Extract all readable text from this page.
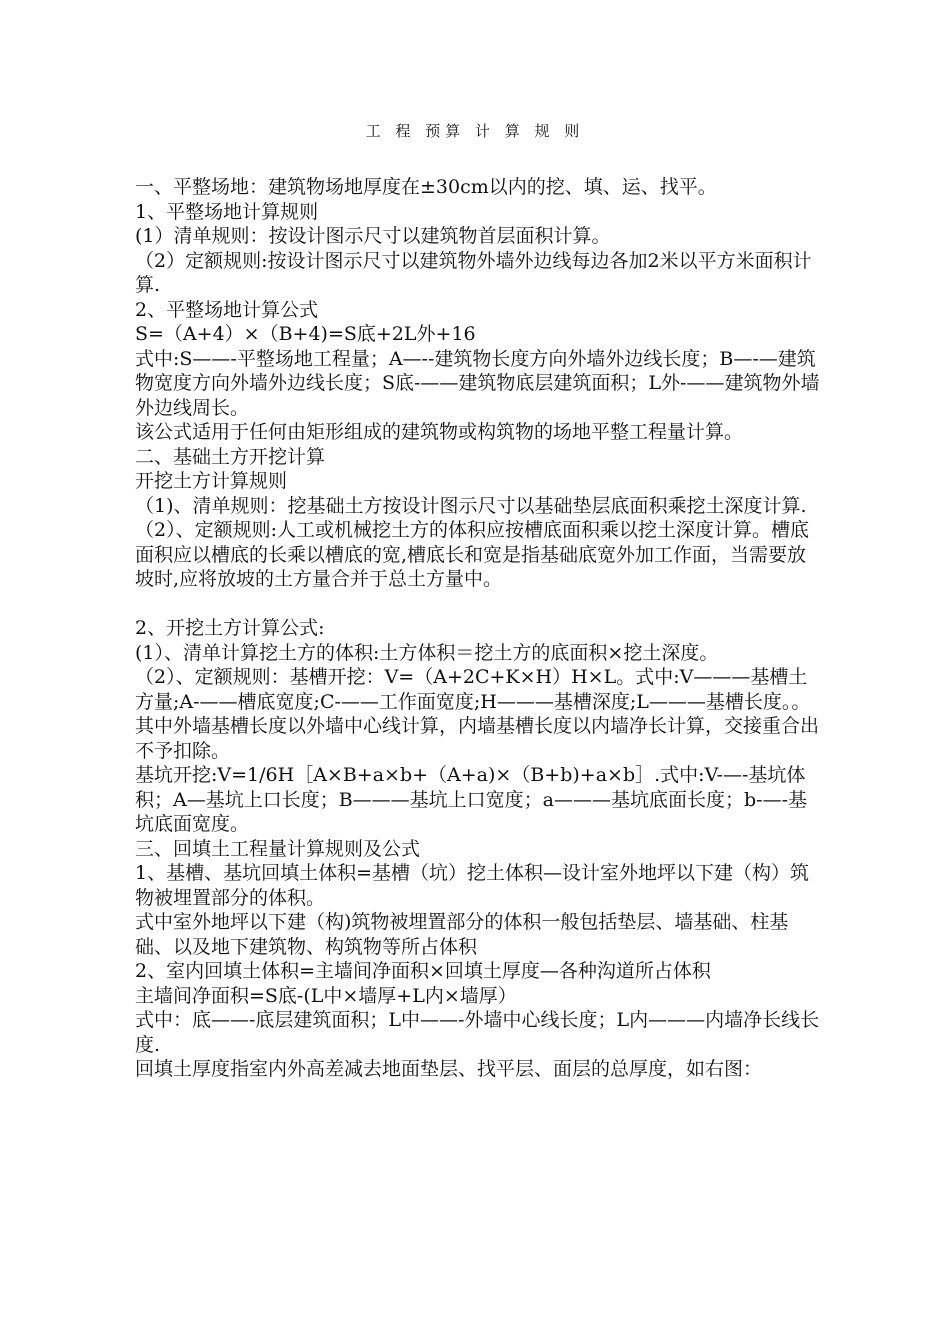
工 程 预算 计 算 规 则

一、平整场地：建筑物场地厚度在±30cm以内的挖、填、运、找平。

1、平整场地计算规则

(1）清单规则：按设计图示尺寸以建筑物首层面积计算。

（2）定额规则:按设计图示尺寸以建筑物外墙外边线每边各加2米以平方米面积计算.

2、平整场地计算公式

S=（A+4）×（B+4)=S底+2L外+16

式中:S——-平整场地工程量；A—--建筑物长度方向外墙外边线长度；B—-—建筑物宽度方向外墙外边线长度；S底-——建筑物底层建筑面积；L外-——建筑物外墙外边线周长。

该公式适用于任何由矩形组成的建筑物或构筑物的场地平整工程量计算。

二、基础土方开挖计算

开挖土方计算规则

（1)、清单规则：挖基础土方按设计图示尺寸以基础垫层底面积乘挖土深度计算.

（2）、定额规则:人工或机械挖土方的体积应按槽底面积乘以挖土深度计算。槽底面积应以槽底的长乘以槽底的宽,槽底长和宽是指基础底宽外加工作面，当需要放坡时,应将放坡的土方量合并于总土方量中。

2、开挖土方计算公式:

(1）、清单计算挖土方的体积:土方体积＝挖土方的底面积×挖土深度。

（2）、定额规则：基槽开挖：V=（A+2C+K×H）H×L。式中:V———基槽土方量;A-——槽底宽度;C-——工作面宽度;H———基槽深度;L———基槽长度。。

其中外墙基槽长度以外墙中心线计算，内墙基槽长度以内墙净长计算，交接重合出不予扣除。

基坑开挖:V=1/6H［A×B+a×b+（A+a)×（B+b)+a×b］.式中:V-—-基坑体积；A—基坑上口长度；B———基坑上口宽度；a———基坑底面长度；b-—-基坑底面宽度。

三、回填土工程量计算规则及公式

1、基槽、基坑回填土体积=基槽（坑）挖土体积—设计室外地坪以下建（构）筑物被埋置部分的体积。

式中室外地坪以下建（构)筑物被埋置部分的体积一般包括垫层、墙基础、柱基础、以及地下建筑物、构筑物等所占体积

2、室内回填土体积=主墙间净面积×回填土厚度—各种沟道所占体积

主墙间净面积=S底-(L中×墙厚+L内×墙厚）

式中：底——-底层建筑面积；L中——-外墙中心线长度；L内———内墙净长线长度.

回填土厚度指室内外高差减去地面垫层、找平层、面层的总厚度，如右图：
